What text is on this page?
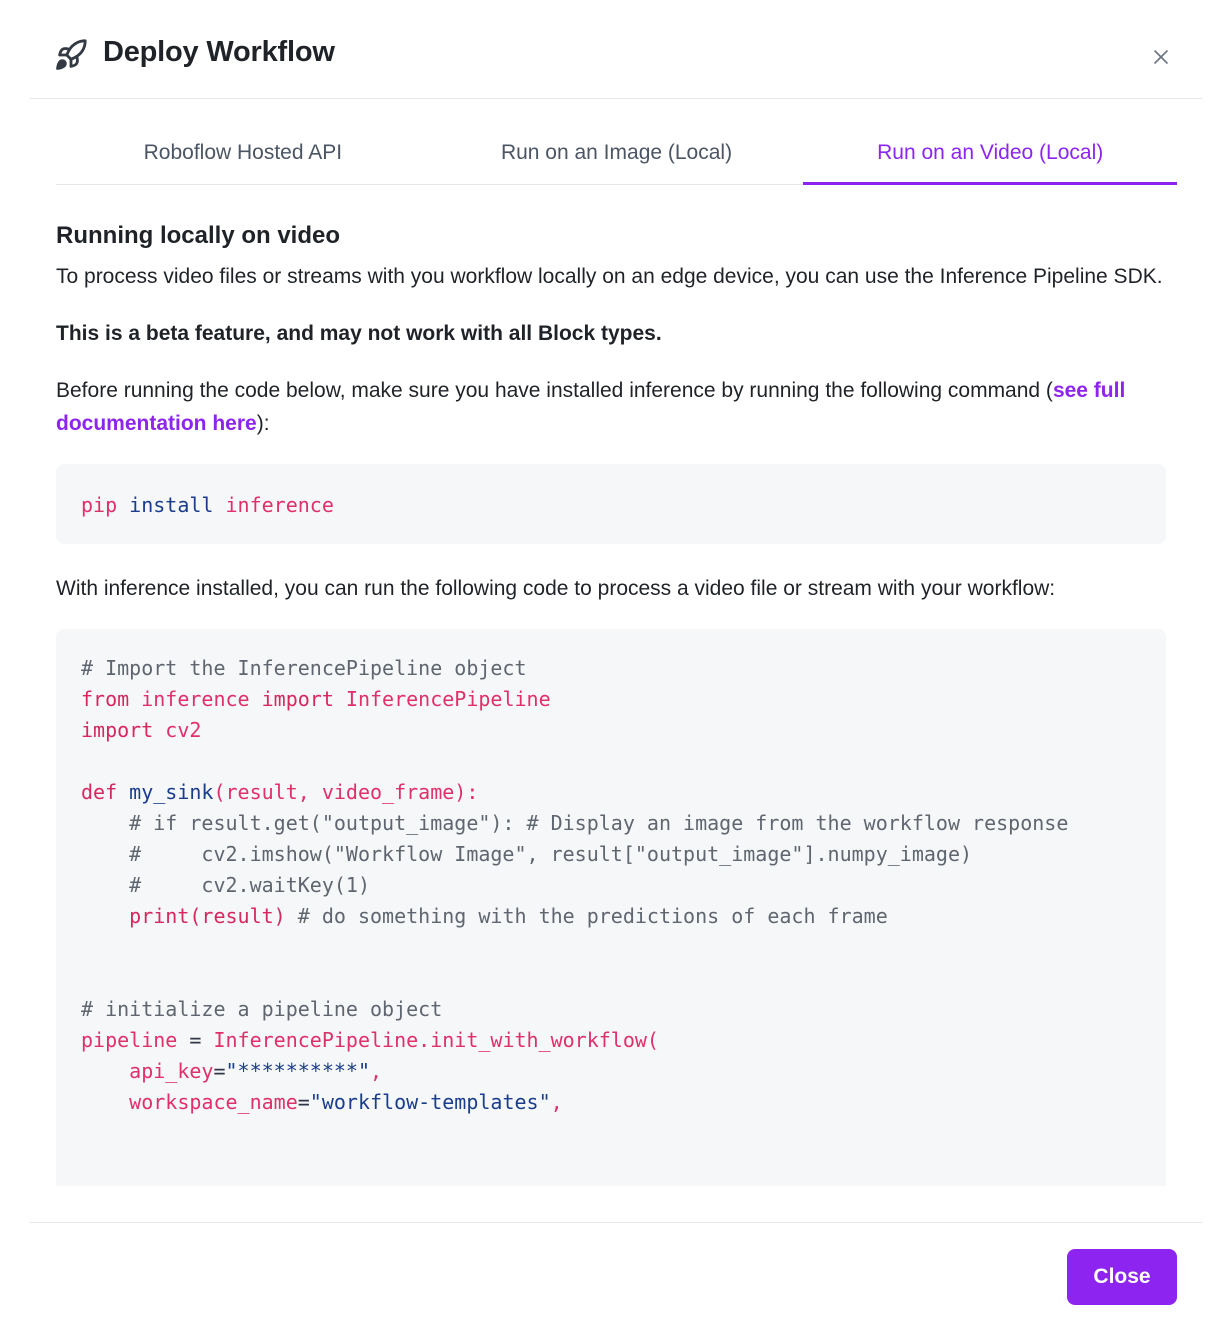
Deploy Workflow
Roboflow Hosted API	Run on an Image (Local)	Run on an Video (Local)
Running locally on video

To process video files or streams with you workflow locally on an edge device, you can use the Inference Pipeline SDK.

This is a beta feature, and may not work with all Block types.

Before running the code below, make sure you have installed inference by running the following command (see full documentation here):

pip install inference

With inference installed, you can run the following code to process a video file or stream with your workflow:

# Import the InferencePipeline object
from inference import InferencePipeline
import cv2

def my_sink(result, video_frame):
# if result.get("output_image"): # Display an image from the workflow response
#     cv2.imshow("Workflow Image", result["output_image"].numpy_image)
#     cv2.waitKey(1)
print(result) # do something with the predictions of each frame

# initialize a pipeline object
pipeline = InferencePipeline.init_with_workflow(
api_key="**********",
workspace_name="workflow-templates",
Close
